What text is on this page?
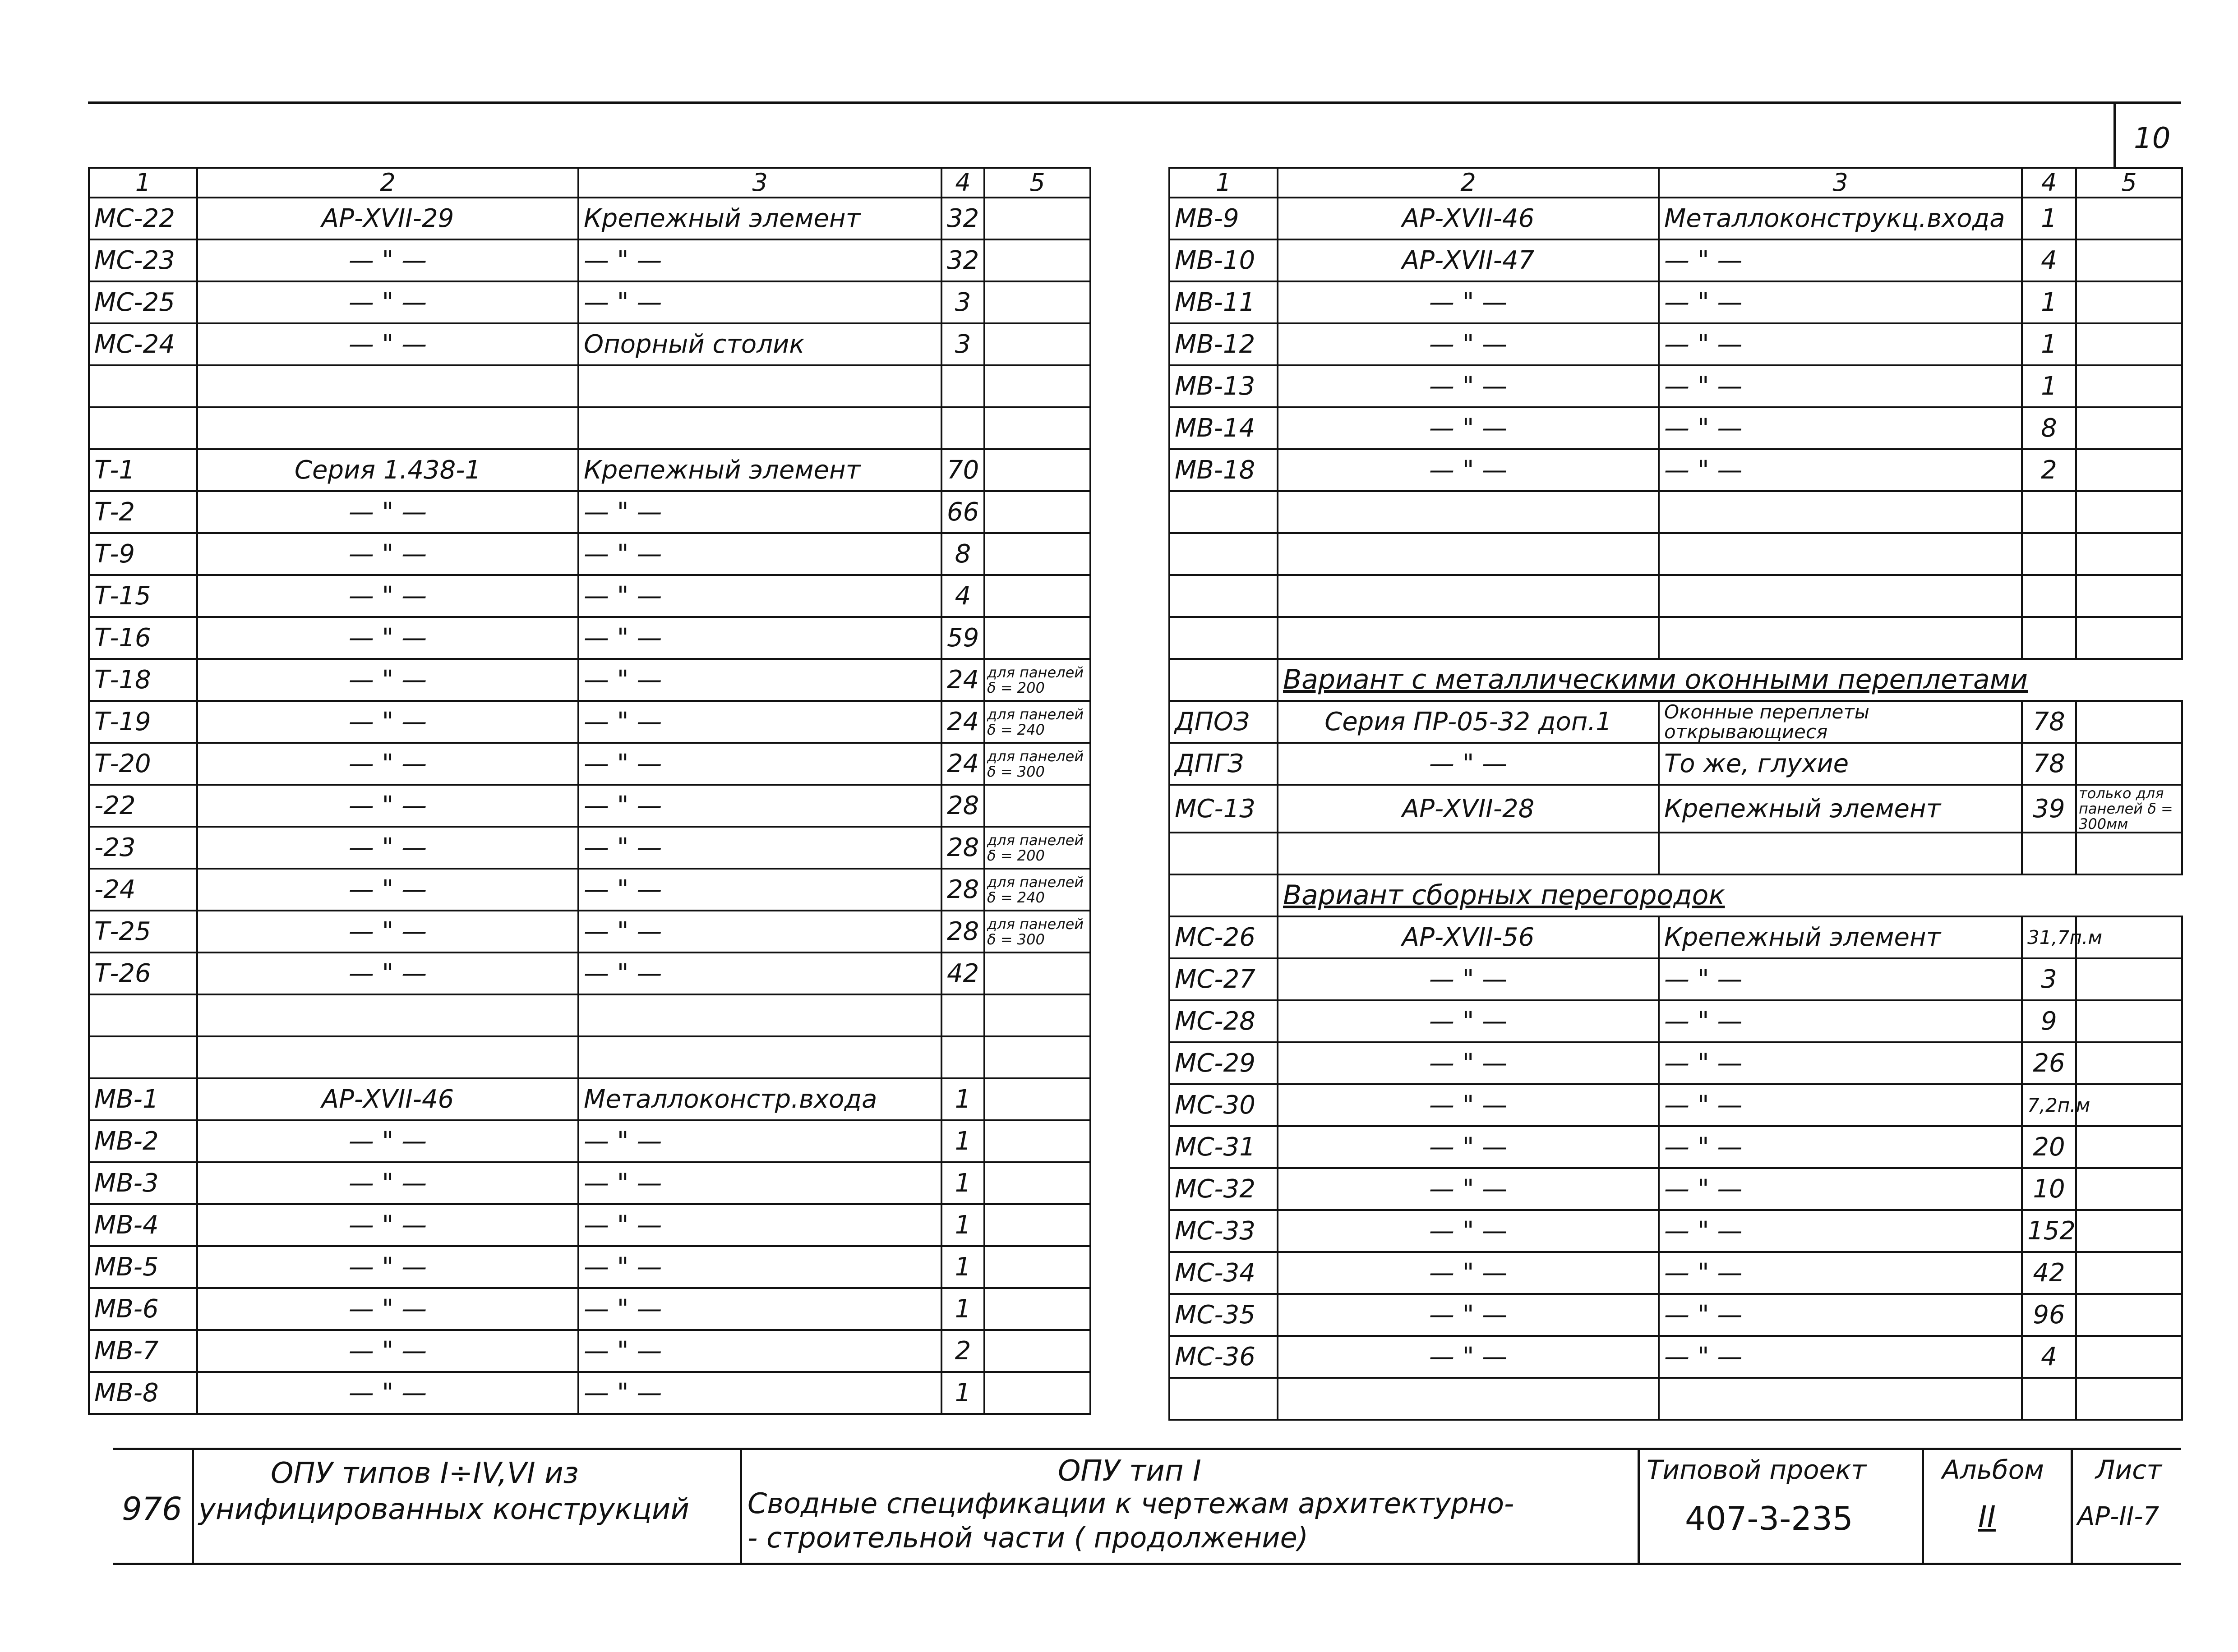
10
1	2	3	4	5
МС-22	АР-XVII-29	Крепежный элемент	32	
МС-23	— " —	— " —	32	
МС-25	— " —	— " —	3	
МС-24	— " —	Опорный столик	3	

Т-1	Серия 1.438-1	Крепежный элемент	70	
Т-2	— " —	— " —	66	
Т-9	— " —	— " —	8	
Т-15	— " —	— " —	4	
Т-16	— " —	— " —	59	
Т-18	— " —	— " —	24	для панелей δ = 200
Т-19	— " —	— " —	24	для панелей δ = 240
Т-20	— " —	— " —	24	для панелей δ = 300
-22	— " —	— " —	28	
-23	— " —	— " —	28	для панелей δ = 200
-24	— " —	— " —	28	для панелей δ = 240
Т-25	— " —	— " —	28	для панелей δ = 300
Т-26	— " —	— " —	42	

МВ-1	АР-XVII-46	Металлоконстр.входа	1	
МВ-2	— " —	— " —	1	
МВ-3	— " —	— " —	1	
МВ-4	— " —	— " —	1	
МВ-5	— " —	— " —	1	
МВ-6	— " —	— " —	1	
МВ-7	— " —	— " —	2	
МВ-8	— " —	— " —	1	
1	2	3	4	5
МВ-9	АР-XVII-46	Металлоконструкц.входа	1	
МВ-10	АР-XVII-47	— " —	4	
МВ-11	— " —	— " —	1	
МВ-12	— " —	— " —	1	
МВ-13	— " —	— " —	1	
МВ-14	— " —	— " —	8	
МВ-18	— " —	— " —	2	

	Вариант с металлическими оконными переплетами			
ДПОЗ	Серия ПР-05-32 доп.1	Оконные переплеты открывающиеся	78	
ДПГЗ	— " —	То же, глухие	78	
МС-13	АР-XVII-28	Крепежный элемент	39	только для панелей δ = 300мм

	Вариант сборных перегородок			
МС-26	АР-XVII-56	Крепежный элемент	31,7п.м	
МС-27	— " —	— " —	3	
МС-28	— " —	— " —	9	
МС-29	— " —	— " —	26	
МС-30	— " —	— " —	7,2п.м	
МС-31	— " —	— " —	20	
МС-32	— " —	— " —	10	
МС-33	— " —	— " —	152	
МС-34	— " —	— " —	42	
МС-35	— " —	— " —	96	
МС-36	— " —	— " —	4	

976
ОПУ типов I÷IV,VI из
унифицированных конструкций
ОПУ тип I
Сводные спецификации к чертежам архитектурно-
- строительной части ( продолжение)
Типовой проект
407-3-235
Альбом
II
Лист
АР-II-7
